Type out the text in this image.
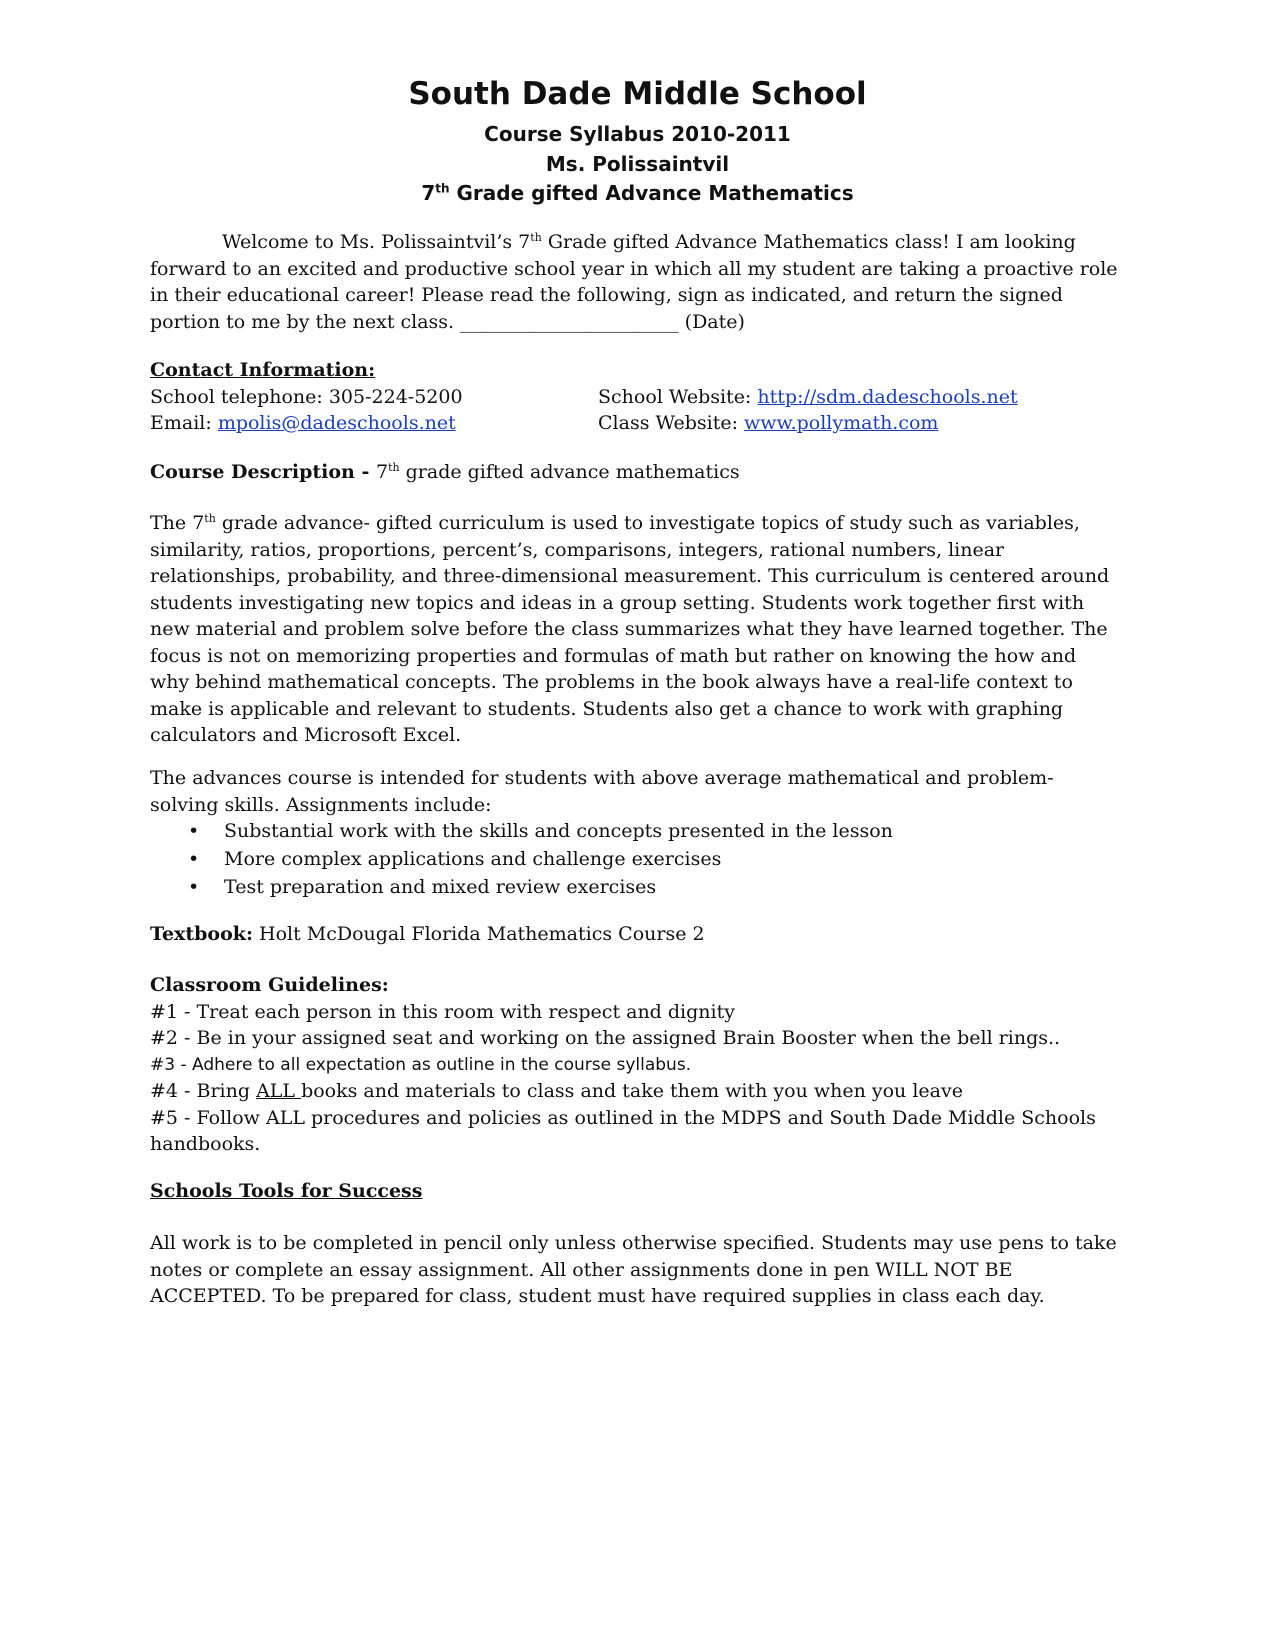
South Dade Middle School
Course Syllabus 2010-2011
Ms. Polissaintvil
7th Grade gifted Advance Mathematics
Welcome to Ms. Polissaintvil’s 7th Grade gifted Advance Mathematics class! I am looking
forward to an excited and productive school year in which all my student are taking a proactive role
in their educational career! Please read the following, sign as indicated, and return the signed
portion to me by the next class. _______________________ (Date)
Contact Information:
School telephone: 305-224-5200	School Website: http://sdm.dadeschools.net
Email: mpolis@dadeschools.net	Class Website: www.pollymath.com
Course Description - 7th grade gifted advance mathematics
The 7th grade advance- gifted curriculum is used to investigate topics of study such as variables,
similarity, ratios, proportions, percent’s, comparisons, integers, rational numbers, linear
relationships, probability, and three-dimensional measurement. This curriculum is centered around
students investigating new topics and ideas in a group setting. Students work together first with
new material and problem solve before the class summarizes what they have learned together. The
focus is not on memorizing properties and formulas of math but rather on knowing the how and
why behind mathematical concepts. The problems in the book always have a real-life context to
make is applicable and relevant to students. Students also get a chance to work with graphing
calculators and Microsoft Excel.
The advances course is intended for students with above average mathematical and problem-
solving skills. Assignments include:
• Substantial work with the skills and concepts presented in the lesson
• More complex applications and challenge exercises
• Test preparation and mixed review exercises
Textbook: Holt McDougal Florida Mathematics Course 2
Classroom Guidelines:
#1 - Treat each person in this room with respect and dignity
#2 - Be in your assigned seat and working on the assigned Brain Booster when the bell rings..
#3 - Adhere to all expectation as outline in the course syllabus.
#4 - Bring ALL books and materials to class and take them with you when you leave
#5 - Follow ALL procedures and policies as outlined in the MDPS and South Dade Middle Schools
handbooks.
Schools Tools for Success
All work is to be completed in pencil only unless otherwise specified. Students may use pens to take
notes or complete an essay assignment. All other assignments done in pen WILL NOT BE
ACCEPTED. To be prepared for class, student must have required supplies in class each day.
